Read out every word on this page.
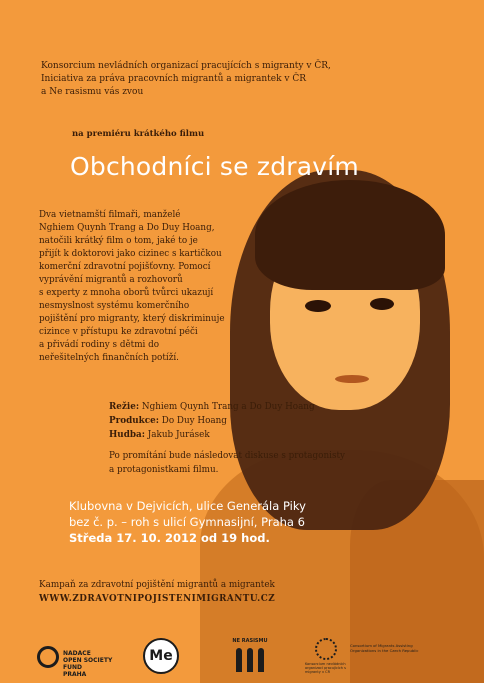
Konsorcium nevládních organizací pracujících s migranty v ČR,
Iniciativa za práva pracovních migrantů a migrantek v ČR
a Ne rasismu vás zvou
na premiéru krátkého filmu
Obchodníci se zdravím
Dva vietnamští filmaři, manželé
Nghiem Quynh Trang a Do Duy Hoang,
natočili krátký film o tom, jaké to je
přijít k doktorovi jako cizinec s kartičkou
komerční zdravotní pojišťovny. Pomocí
vyprávění migrantů a rozhovorů
s experty z mnoha oborů tvůrci ukazují
nesmyslnost systému komerčního
pojištění pro migranty, který diskriminuje
cizince v přístupu ke zdravotní péči
a přivádí rodiny s dětmi do
neřešitelných finančních potíží.
Režie: Nghiem Quynh Trang a Do Duy Hoang
Produkce: Do Duy Hoang
Hudba: Jakub Jurásek
Po promítání bude následovat diskuse s protagonisty
a protagonistkami filmu.
Klubovna v Dejvicích, ulice Generála Piky
bez č. p. – roh s ulicí Gymnasijní, Praha 6
Středa 17. 10. 2012 od 19 hod.
Kampaň za zdravotní pojištění migrantů a migrantek
WWW.ZDRAVOTNIPOJISTENIMIGRANTU.CZ
NADACE
OPEN SOCIETY FUND
PRAHA
Me
NE RASISMU
Konsorcium nevládních organizací pracujících s migranty v ČR
Consortium of Migrants Assisting Organizations in the Czech Republic
